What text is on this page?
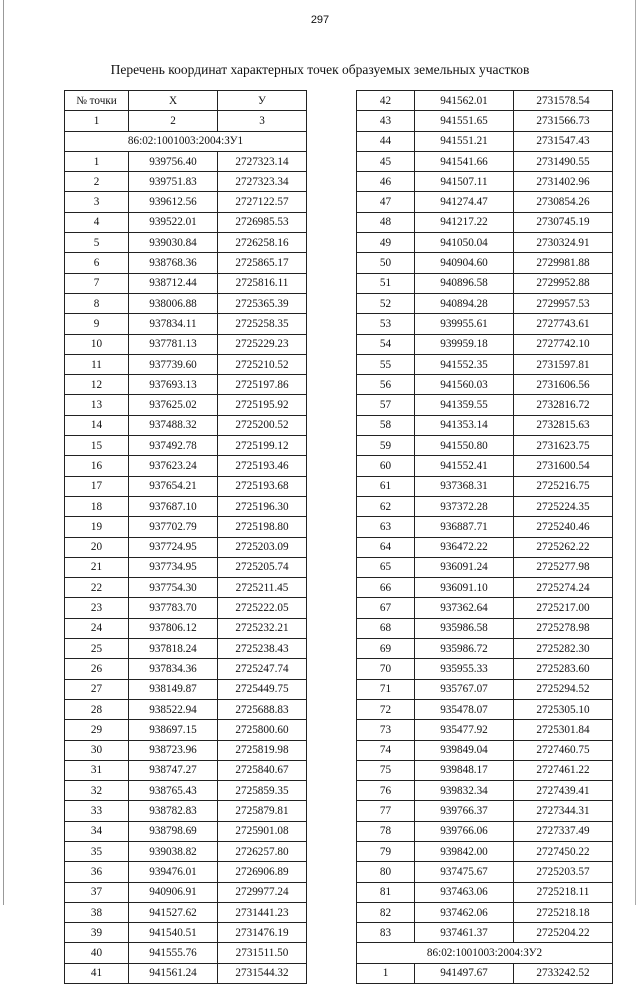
297
Перечень координат характерных точек образуемых земельных участков
№ точки	Х	У
1	2	3
86:02:1001003:2004:ЗУ1		
1	939756.40	2727323.14
2	939751.83	2727323.34
3	939612.56	2727122.57
4	939522.01	2726985.53
5	939030.84	2726258.16
6	938768.36	2725865.17
7	938712.44	2725816.11
8	938006.88	2725365.39
9	937834.11	2725258.35
10	937781.13	2725229.23
11	937739.60	2725210.52
12	937693.13	2725197.86
13	937625.02	2725195.92
14	937488.32	2725200.52
15	937492.78	2725199.12
16	937623.24	2725193.46
17	937654.21	2725193.68
18	937687.10	2725196.30
19	937702.79	2725198.80
20	937724.95	2725203.09
21	937734.95	2725205.74
22	937754.30	2725211.45
23	937783.70	2725222.05
24	937806.12	2725232.21
25	937818.24	2725238.43
26	937834.36	2725247.74
27	938149.87	2725449.75
28	938522.94	2725688.83
29	938697.15	2725800.60
30	938723.96	2725819.98
31	938747.27	2725840.67
32	938765.43	2725859.35
33	938782.83	2725879.81
34	938798.69	2725901.08
35	939038.82	2726257.80
36	939476.01	2726906.89
37	940906.91	2729977.24
38	941527.62	2731441.23
39	941540.51	2731476.19
40	941555.76	2731511.50
41	941561.24	2731544.32
42	941562.01	2731578.54
43	941551.65	2731566.73
44	941551.21	2731547.43
45	941541.66	2731490.55
46	941507.11	2731402.96
47	941274.47	2730854.26
48	941217.22	2730745.19
49	941050.04	2730324.91
50	940904.60	2729981.88
51	940896.58	2729952.88
52	940894.28	2729957.53
53	939955.61	2727743.61
54	939959.18	2727742.10
55	941552.35	2731597.81
56	941560.03	2731606.56
57	941359.55	2732816.72
58	941353.14	2732815.63
59	941550.80	2731623.75
60	941552.41	2731600.54
61	937368.31	2725216.75
62	937372.28	2725224.35
63	936887.71	2725240.46
64	936472.22	2725262.22
65	936091.24	2725277.98
66	936091.10	2725274.24
67	937362.64	2725217.00
68	935986.58	2725278.98
69	935986.72	2725282.30
70	935955.33	2725283.60
71	935767.07	2725294.52
72	935478.07	2725305.10
73	935477.92	2725301.84
74	939849.04	2727460.75
75	939848.17	2727461.22
76	939832.34	2727439.41
77	939766.37	2727344.31
78	939766.06	2727337.49
79	939842.00	2727450.22
80	937475.67	2725203.57
81	937463.06	2725218.11
82	937462.06	2725218.18
83	937461.37	2725204.22
86:02:1001003:2004:ЗУ2		
1	941497.67	2733242.52
